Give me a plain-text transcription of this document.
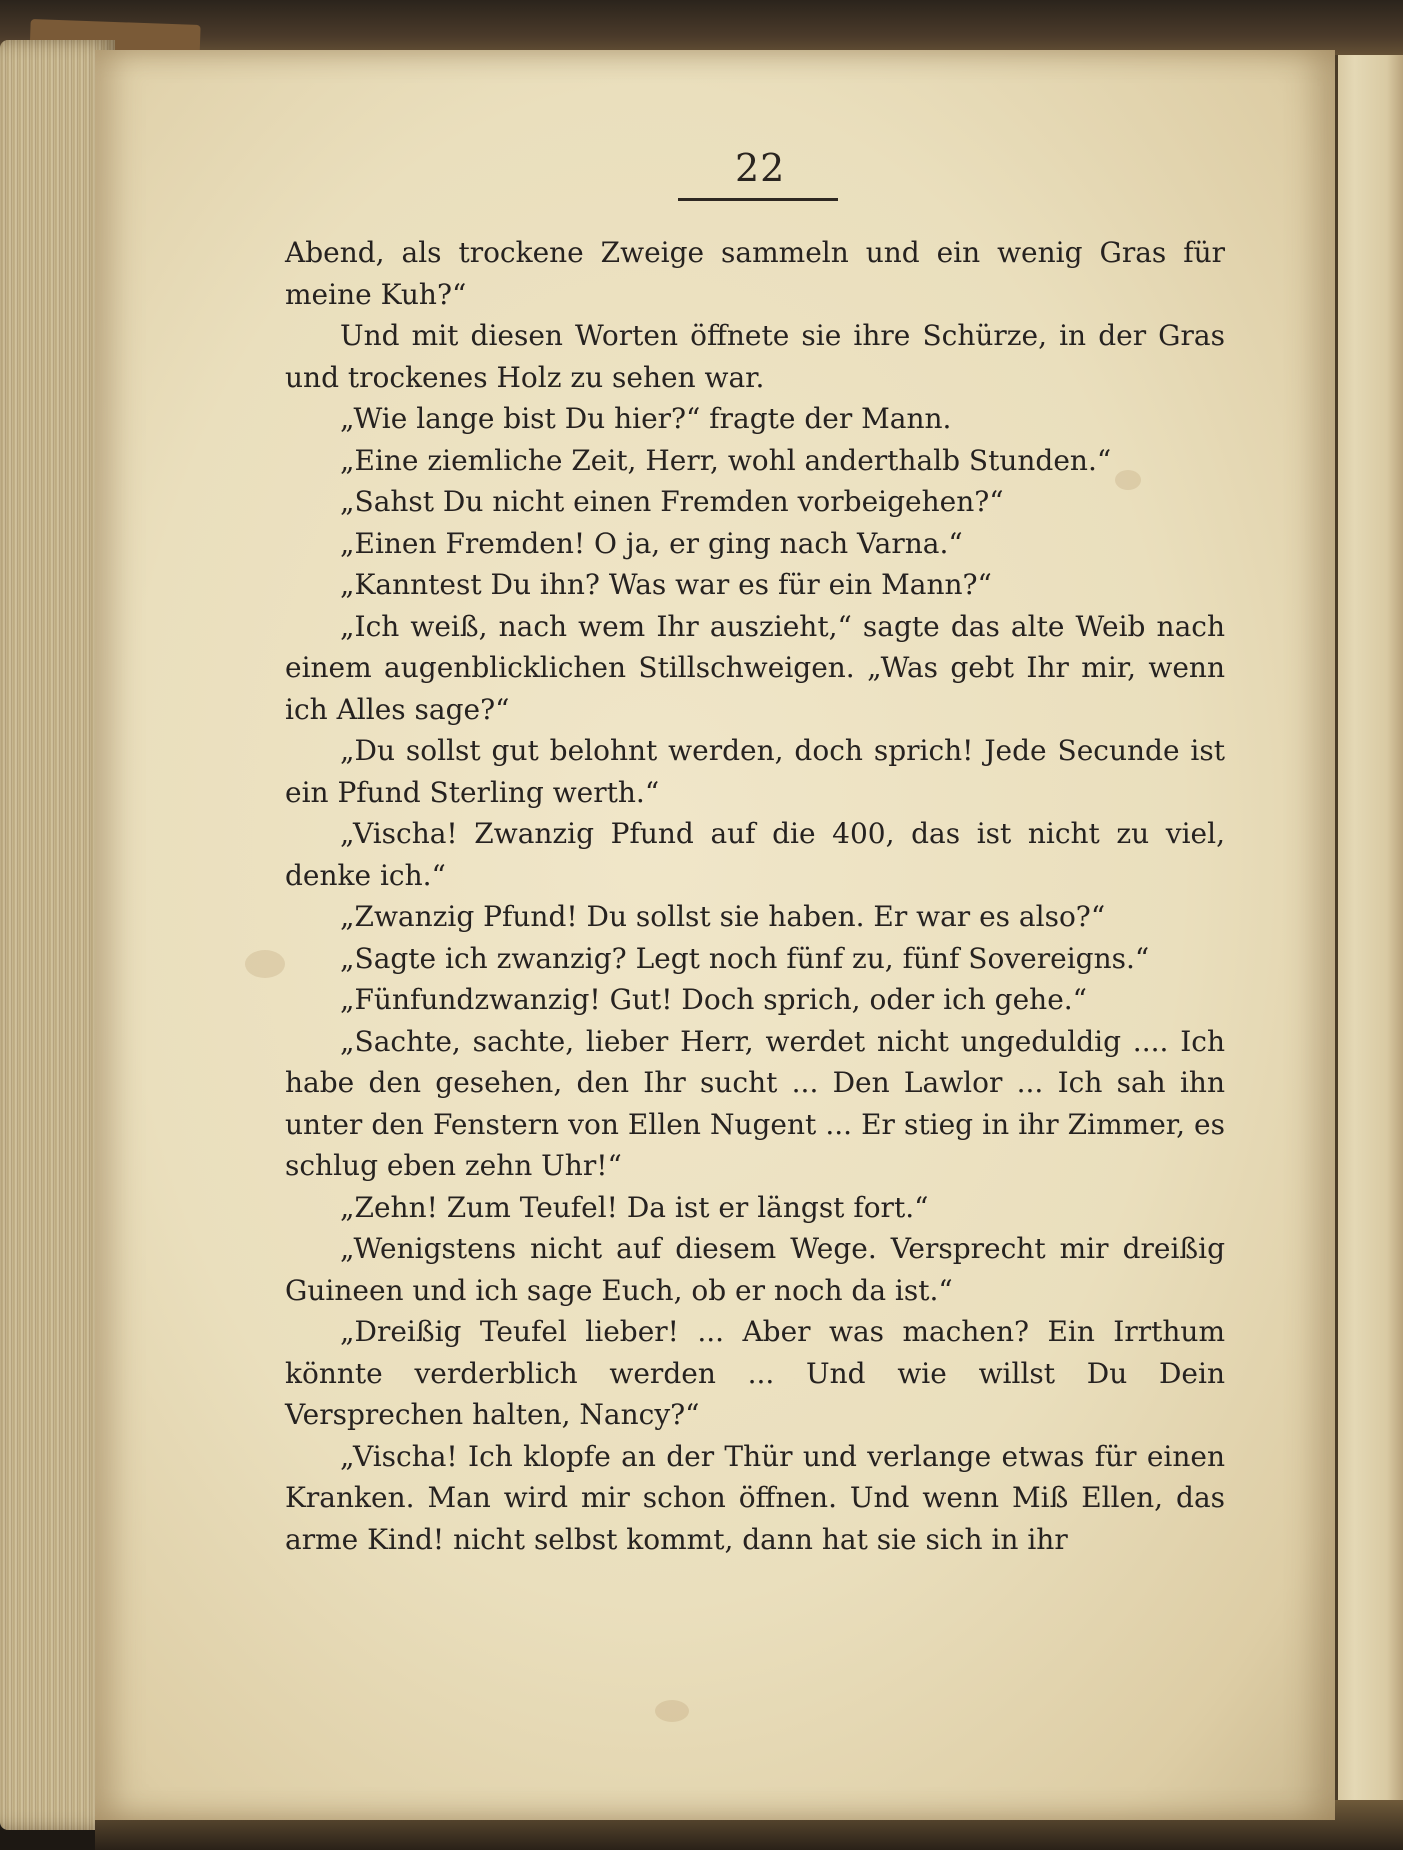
22

Abend, als trockene Zweige sammeln und ein wenig Gras für meine Kuh?“

Und mit diesen Worten öffnete sie ihre Schürze, in der Gras und trockenes Holz zu sehen war.

„Wie lange bist Du hier?“ fragte der Mann.

„Eine ziemliche Zeit, Herr, wohl anderthalb Stunden.“

„Sahst Du nicht einen Fremden vorbeigehen?“

„Einen Fremden! O ja, er ging nach Varna.“

„Kanntest Du ihn? Was war es für ein Mann?“

„Ich weiß, nach wem Ihr auszieht,“ sagte das alte Weib nach einem augenblicklichen Stillschweigen. „Was gebt Ihr mir, wenn ich Alles sage?“

„Du sollst gut belohnt werden, doch sprich! Jede Secunde ist ein Pfund Sterling werth.“

„Vischa! Zwanzig Pfund auf die 400, das ist nicht zu viel, denke ich.“

„Zwanzig Pfund! Du sollst sie haben. Er war es also?“

„Sagte ich zwanzig? Legt noch fünf zu, fünf Sovereigns.“

„Fünfundzwanzig! Gut! Doch sprich, oder ich gehe.“

„Sachte, sachte, lieber Herr, werdet nicht ungeduldig .... Ich habe den gesehen, den Ihr sucht ... Den Lawlor ... Ich sah ihn unter den Fenstern von Ellen Nugent ... Er stieg in ihr Zimmer, es schlug eben zehn Uhr!“

„Zehn! Zum Teufel! Da ist er längst fort.“

„Wenigstens nicht auf diesem Wege. Versprecht mir dreißig Guineen und ich sage Euch, ob er noch da ist.“

„Dreißig Teufel lieber! ... Aber was machen? Ein Irrthum könnte verderblich werden ... Und wie willst Du Dein Versprechen halten, Nancy?“

„Vischa! Ich klopfe an der Thür und verlange etwas für einen Kranken. Man wird mir schon öffnen. Und wenn Miß Ellen, das arme Kind! nicht selbst kommt, dann hat sie sich in ihr
